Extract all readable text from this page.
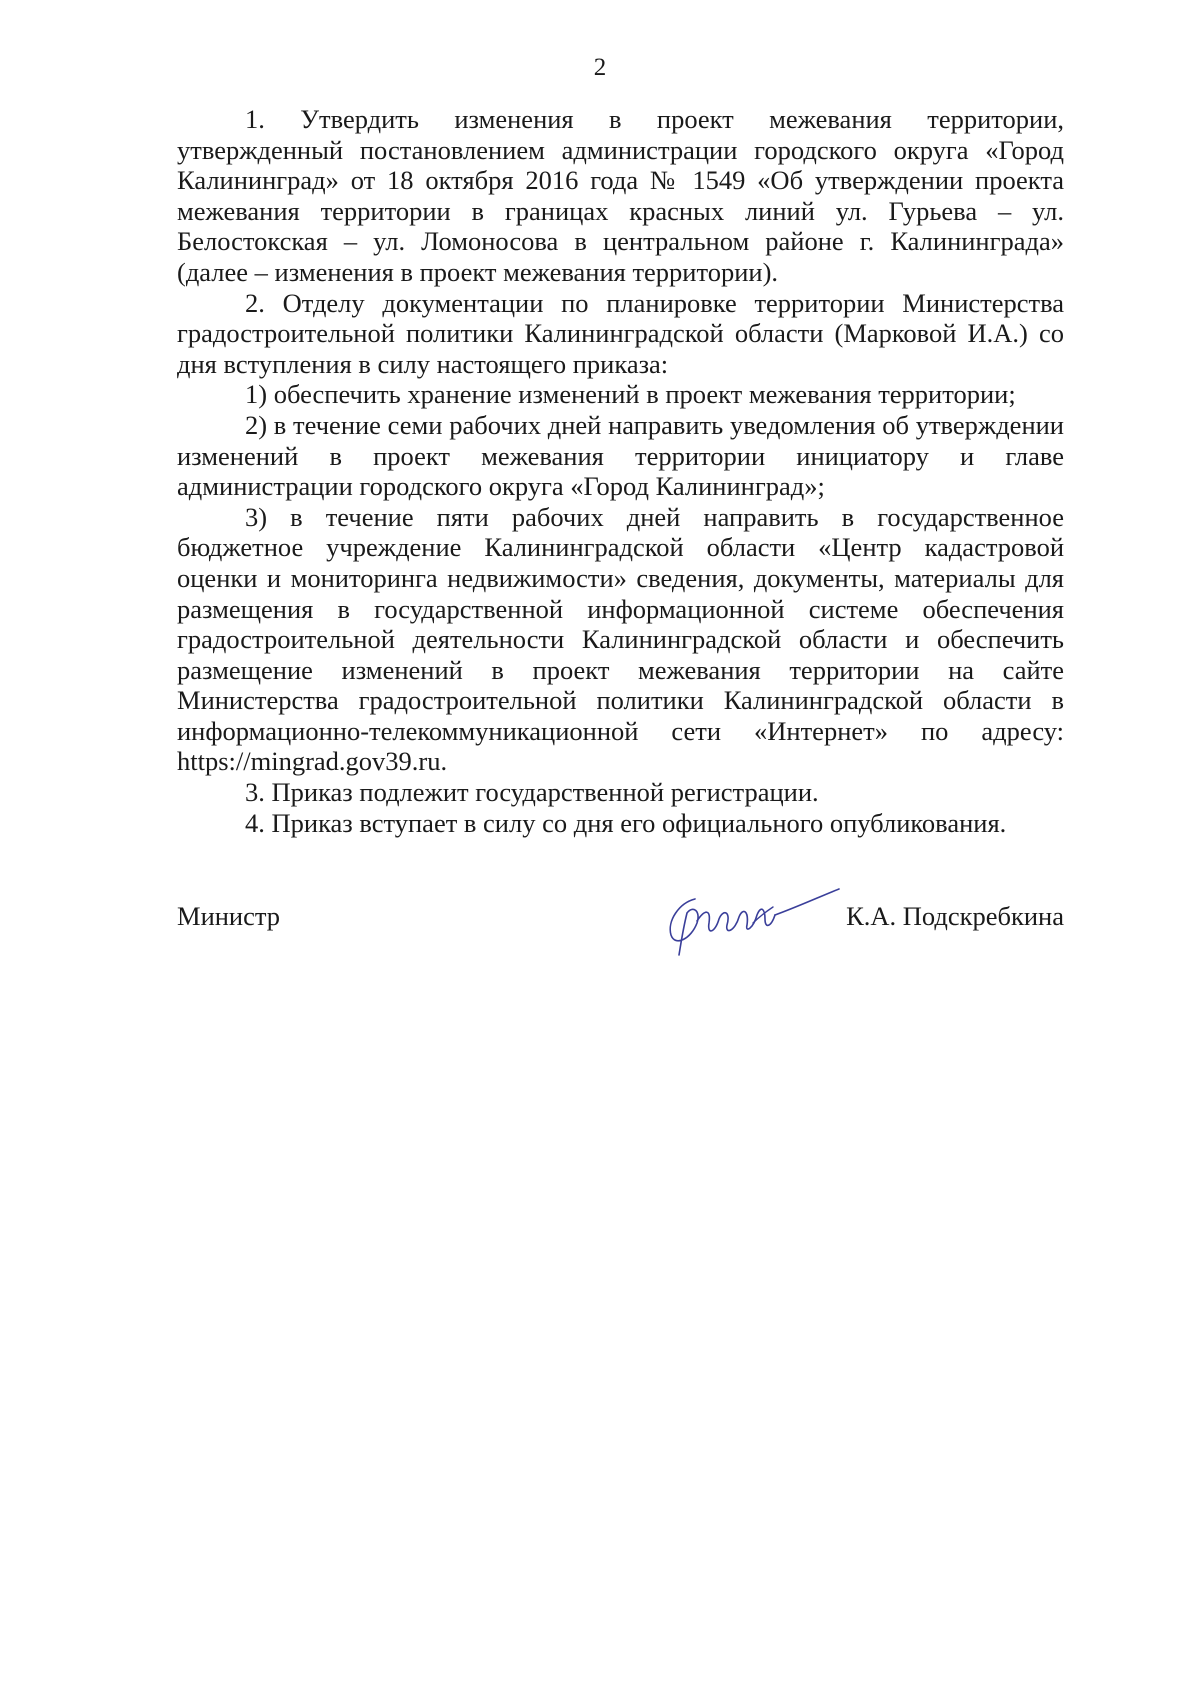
2

1. Утвердить изменения в проект межевания территории, утвержденный постановлением администрации городского округа «Город Калининград» от 18 октября 2016 года № 1549 «Об утверждении проекта межевания территории в границах красных линий ул. Гурьева – ул. Белостокская – ул. Ломоносова в центральном районе г. Калининграда» (далее – изменения в проект межевания территории).

2. Отделу документации по планировке территории Министерства градостроительной политики Калининградской области (Марковой И.А.) со дня вступления в силу настоящего приказа:

1) обеспечить хранение изменений в проект межевания территории;

2) в течение семи рабочих дней направить уведомления об утверждении изменений в проект межевания территории инициатору и главе администрации городского округа «Город Калининград»;

3) в течение пяти рабочих дней направить в государственное бюджетное учреждение Калининградской области «Центр кадастровой оценки и мониторинга недвижимости» сведения, документы, материалы для размещения в государственной информационной системе обеспечения градостроительной деятельности Калининградской области и обеспечить размещение изменений в проект межевания территории на сайте Министерства градостроительной политики Калининградской области в информационно-телекоммуникационной сети «Интернет» по адресу: https://mingrad.gov39.ru.

3. Приказ подлежит государственной регистрации.

4. Приказ вступает в силу со дня его официального опубликования.

Министр	К.А. Подскребкина
